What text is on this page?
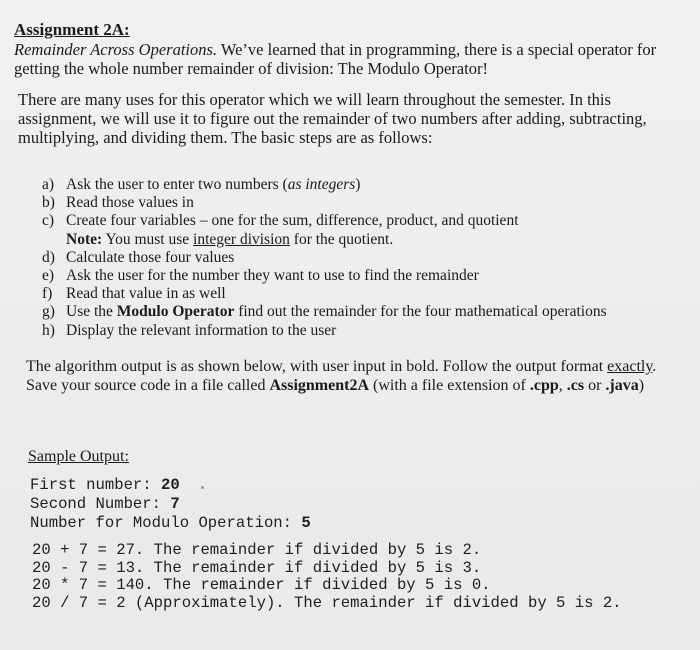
Assignment 2A:

Remainder Across Operations. We’ve learned that in programming, there is a special operator for getting the whole number remainder of division: The Modulo Operator!

There are many uses for this operator which we will learn throughout the semester. In this assignment, we will use it to figure out the remainder of two numbers after adding, subtracting, multiplying, and dividing them. The basic steps are as follows:

a) Ask the user to enter two numbers (as integers)
b) Read those values in
c) Create four variables – one for the sum, difference, product, and quotient
Note: You must use integer division for the quotient.
d) Calculate those four values
e) Ask the user for the number they want to use to find the remainder
f) Read that value in as well
g) Use the Modulo Operator find out the remainder for the four mathematical operations
h) Display the relevant information to the user

The algorithm output is as shown below, with user input in bold. Follow the output format exactly. Save your source code in a file called Assignment2A (with a file extension of .cpp, .cs or .java)

Sample Output:

First number: 20
Second Number: 7
Number for Modulo Operation: 5
20 + 7 = 27. The remainder if divided by 5 is 2.
20 - 7 = 13. The remainder if divided by 5 is 3.
20 * 7 = 140. The remainder if divided by 5 is 0.
20 / 7 = 2 (Approximately). The remainder if divided by 5 is 2.
